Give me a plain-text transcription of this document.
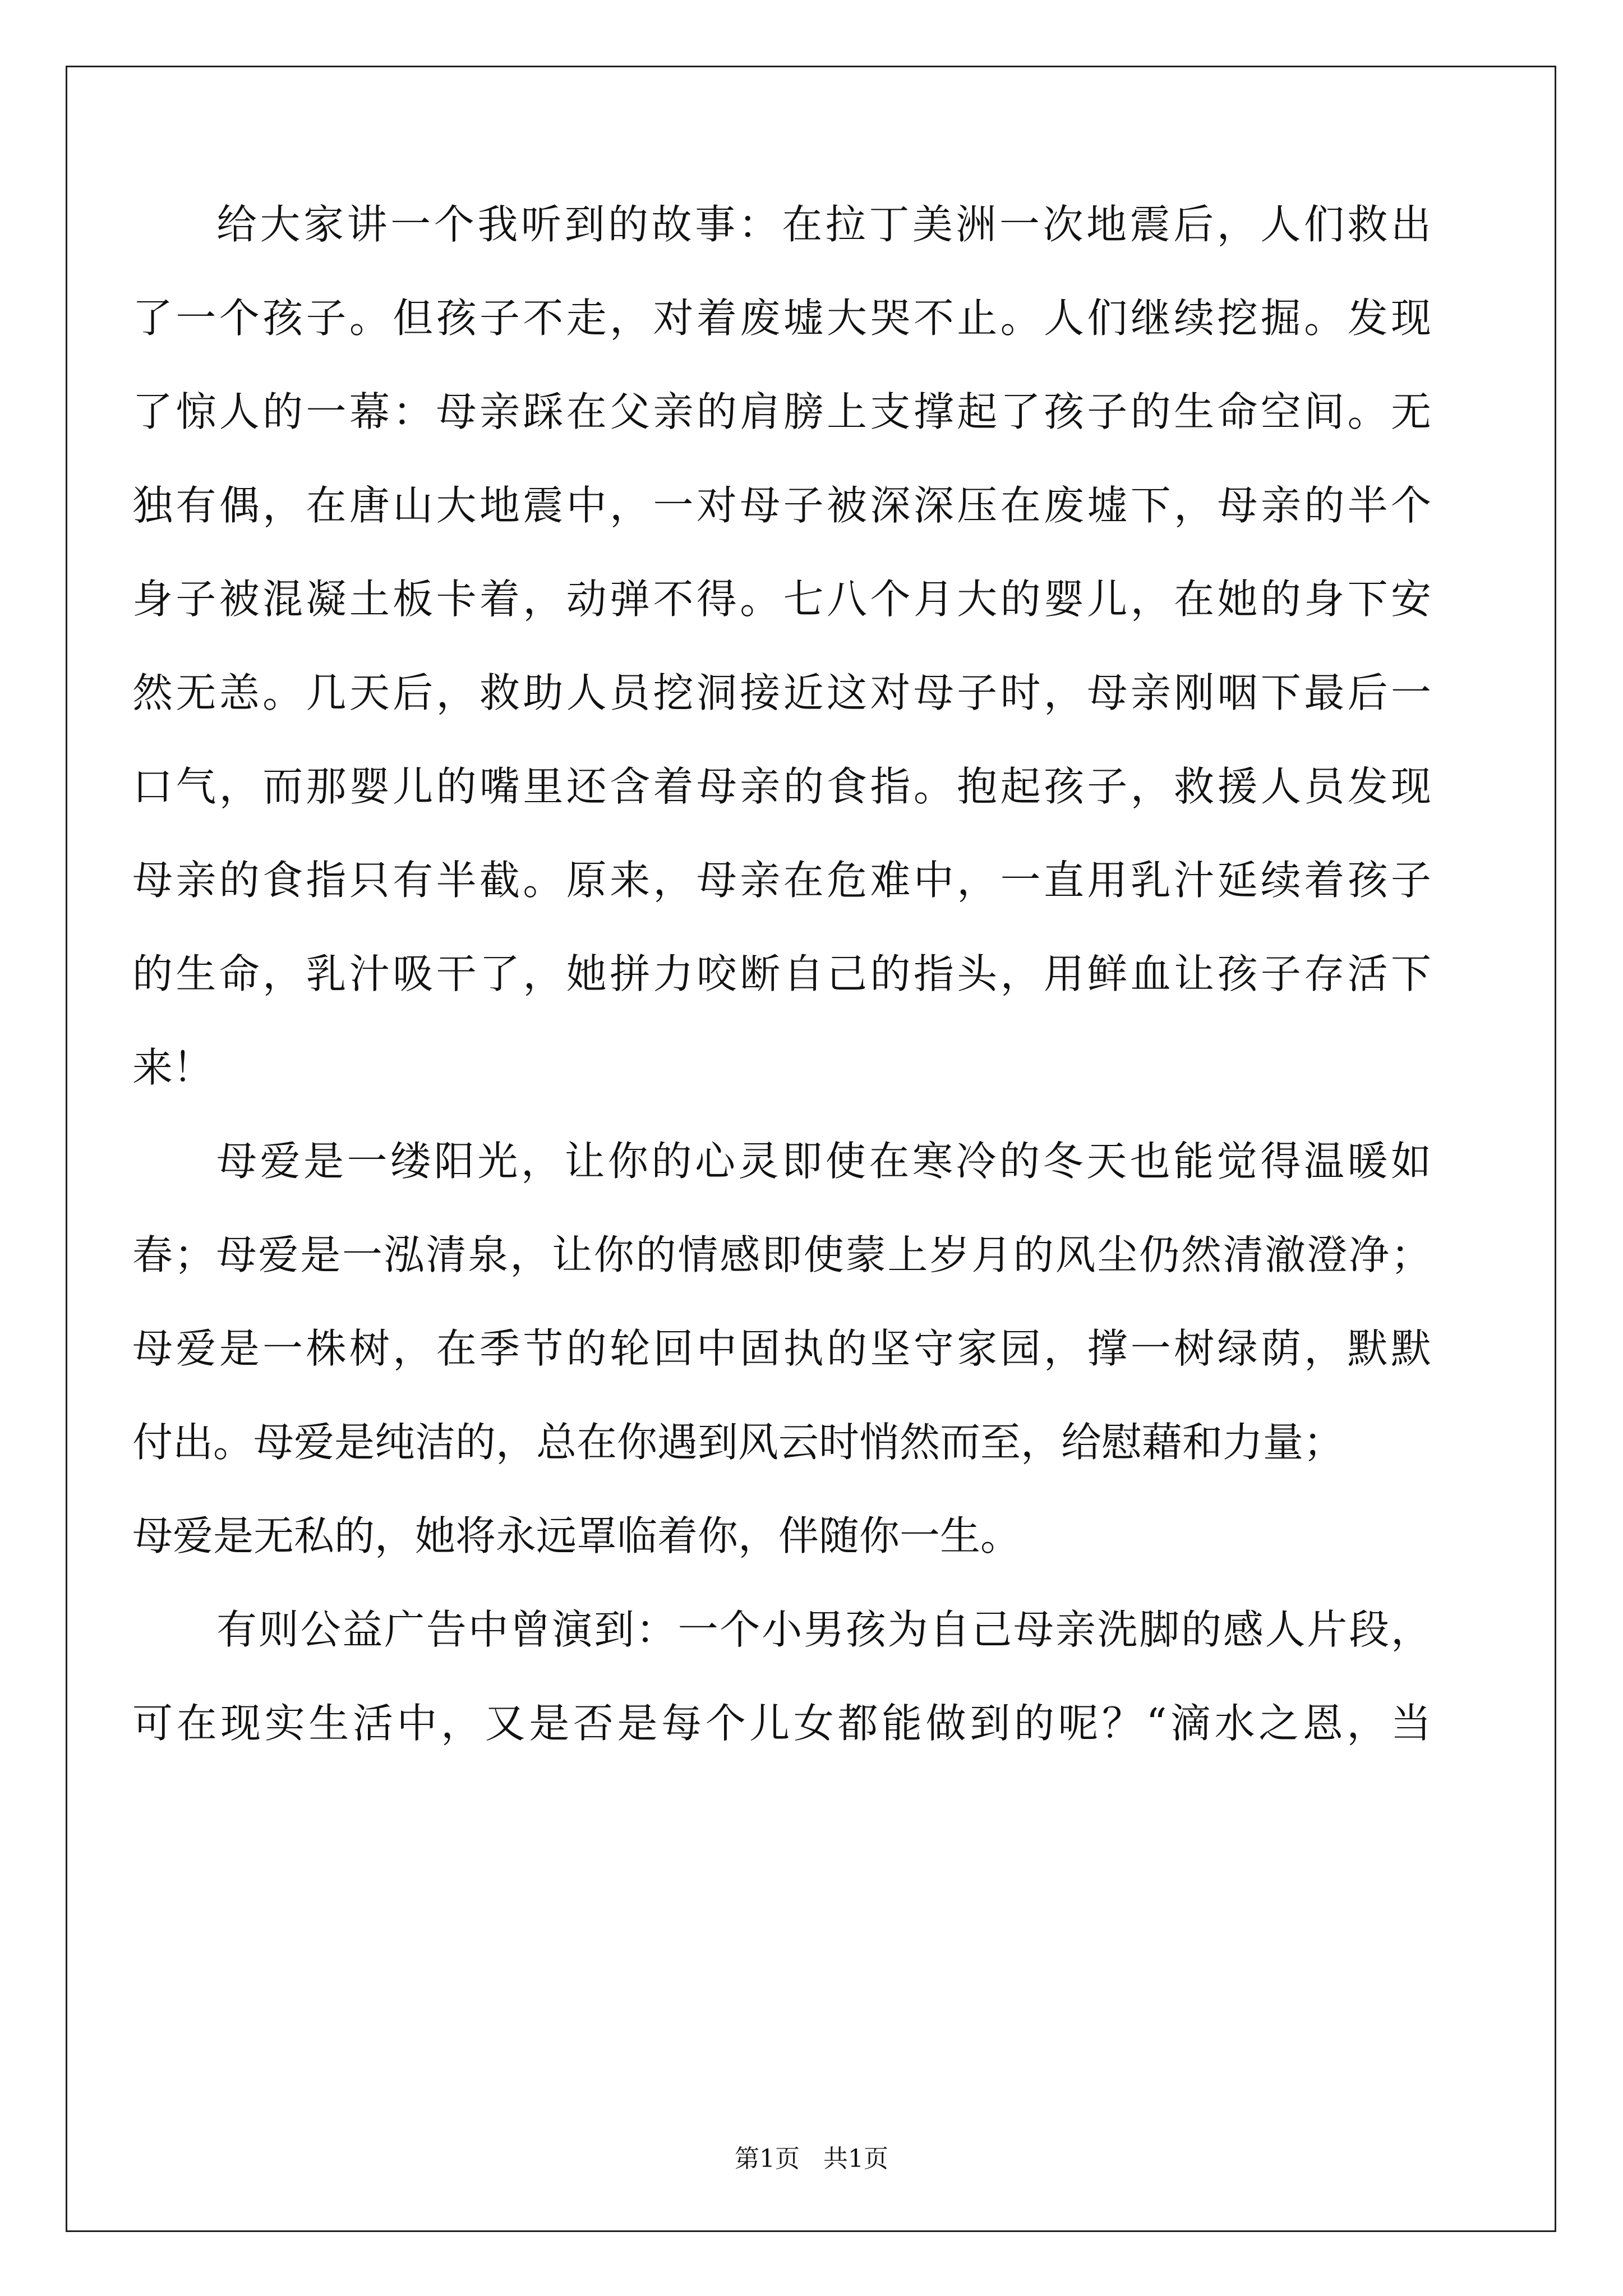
给大家讲一个我听到的故事：在拉丁美洲一次地震后，人们救出
了一个孩子。但孩子不走，对着废墟大哭不止。人们继续挖掘。发现
了惊人的一幕：母亲踩在父亲的肩膀上支撑起了孩子的生命空间。无
独有偶，在唐山大地震中，一对母子被深深压在废墟下，母亲的半个
身子被混凝土板卡着，动弹不得。七八个月大的婴儿，在她的身下安
然无恙。几天后，救助人员挖洞接近这对母子时，母亲刚咽下最后一
口气，而那婴儿的嘴里还含着母亲的食指。抱起孩子，救援人员发现
母亲的食指只有半截。原来，母亲在危难中，一直用乳汁延续着孩子
的生命，乳汁吸干了，她拼力咬断自己的指头，用鲜血让孩子存活下
来！
母爱是一缕阳光，让你的心灵即使在寒冷的冬天也能觉得温暖如
春；母爱是一泓清泉，让你的情感即使蒙上岁月的风尘仍然清澈澄净；
母爱是一株树，在季节的轮回中固执的坚守家园，撑一树绿荫，默默
付出。母爱是纯洁的，总在你遇到风云时悄然而至，给慰藉和力量；
母爱是无私的，她将永远罩临着你，伴随你一生。
有则公益广告中曾演到：一个小男孩为自己母亲洗脚的感人片段，
可在现实生活中，又是否是每个儿女都能做到的呢？“滴水之恩，当
第1页   共1页
